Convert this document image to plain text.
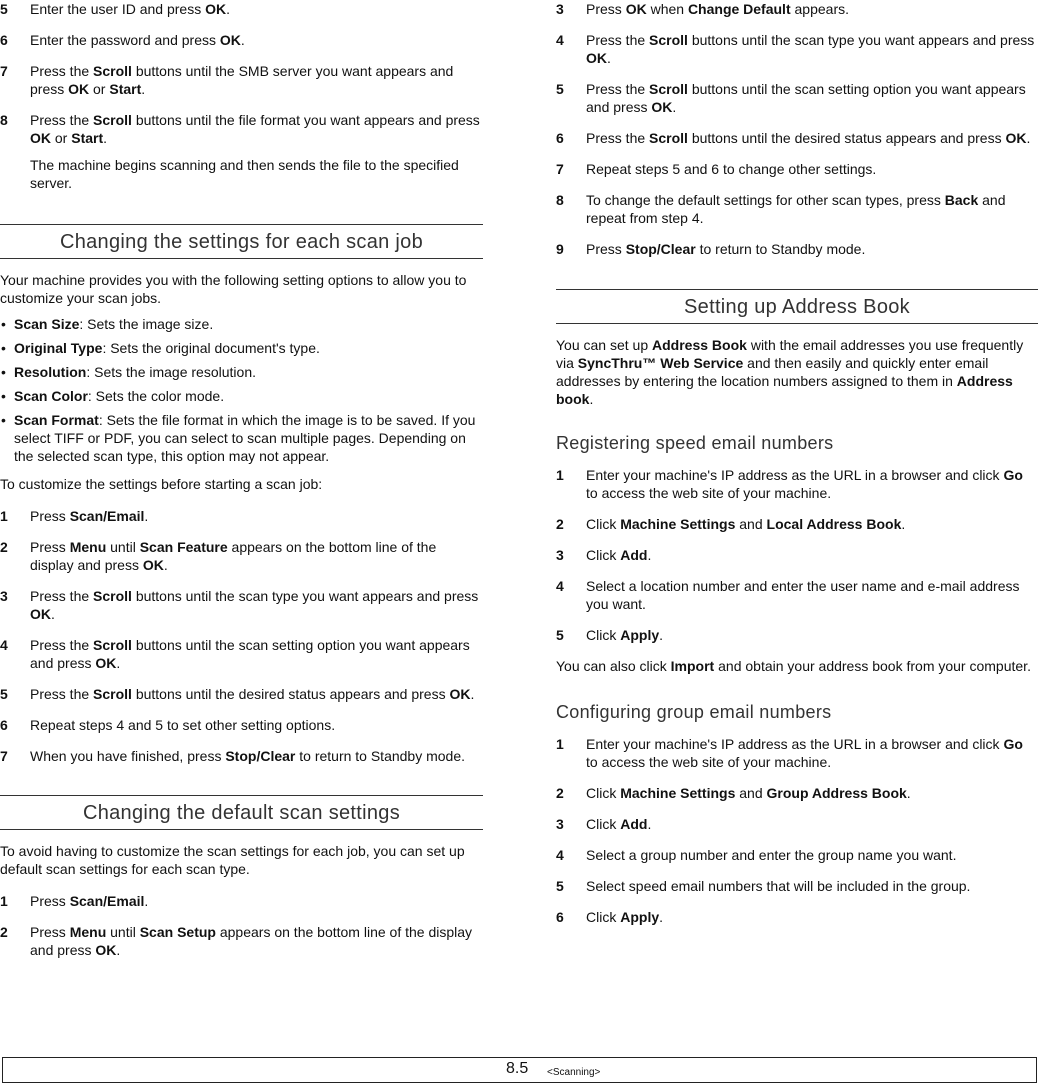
5	Enter the user ID and press OK.
6	Enter the password and press OK.
7	Press the Scroll buttons until the SMB server you want appears and press OK or Start.
8	Press the Scroll buttons until the file format you want appears and press OK or Start.
The machine begins scanning and then sends the file to the specified server.
Changing the settings for each scan job
Your machine provides you with the following setting options to allow you to customize your scan jobs.
• Scan Size: Sets the image size.
• Original Type: Sets the original document's type.
• Resolution: Sets the image resolution.
• Scan Color: Sets the color mode.
• Scan Format: Sets the file format in which the image is to be saved. If you select TIFF or PDF, you can select to scan multiple pages. Depending on the selected scan type, this option may not appear.
To customize the settings before starting a scan job:
1	Press Scan/Email.
2	Press Menu until Scan Feature appears on the bottom line of the display and press OK.
3	Press the Scroll buttons until the scan type you want appears and press OK.
4	Press the Scroll buttons until the scan setting option you want appears and press OK.
5	Press the Scroll buttons until the desired status appears and press OK.
6	Repeat steps 4 and 5 to set other setting options.
7	When you have finished, press Stop/Clear to return to Standby mode.
Changing the default scan settings
To avoid having to customize the scan settings for each job, you can set up default scan settings for each scan type.
1	Press Scan/Email.
2	Press Menu until Scan Setup appears on the bottom line of the display and press OK.
3	Press OK when Change Default appears.
4	Press the Scroll buttons until the scan type you want appears and press OK.
5	Press the Scroll buttons until the scan setting option you want appears and press OK.
6	Press the Scroll buttons until the desired status appears and press OK.
7	Repeat steps 5 and 6 to change other settings.
8	To change the default settings for other scan types, press Back and repeat from step 4.
9	Press Stop/Clear to return to Standby mode.
Setting up Address Book
You can set up Address Book with the email addresses you use frequently via SyncThru™ Web Service and then easily and quickly enter email addresses by entering the location numbers assigned to them in Address book.
Registering speed email numbers
1	Enter your machine's IP address as the URL in a browser and click Go to access the web site of your machine.
2	Click Machine Settings and Local Address Book.
3	Click Add.
4	Select a location number and enter the user name and e-mail address you want.
5	Click Apply.
You can also click Import and obtain your address book from your computer.
Configuring group email numbers
1	Enter your machine's IP address as the URL in a browser and click Go to access the web site of your machine.
2	Click Machine Settings and Group Address Book.
3	Click Add.
4	Select a group number and enter the group name you want.
5	Select speed email numbers that will be included in the group.
6	Click Apply.
8.5 <Scanning>
